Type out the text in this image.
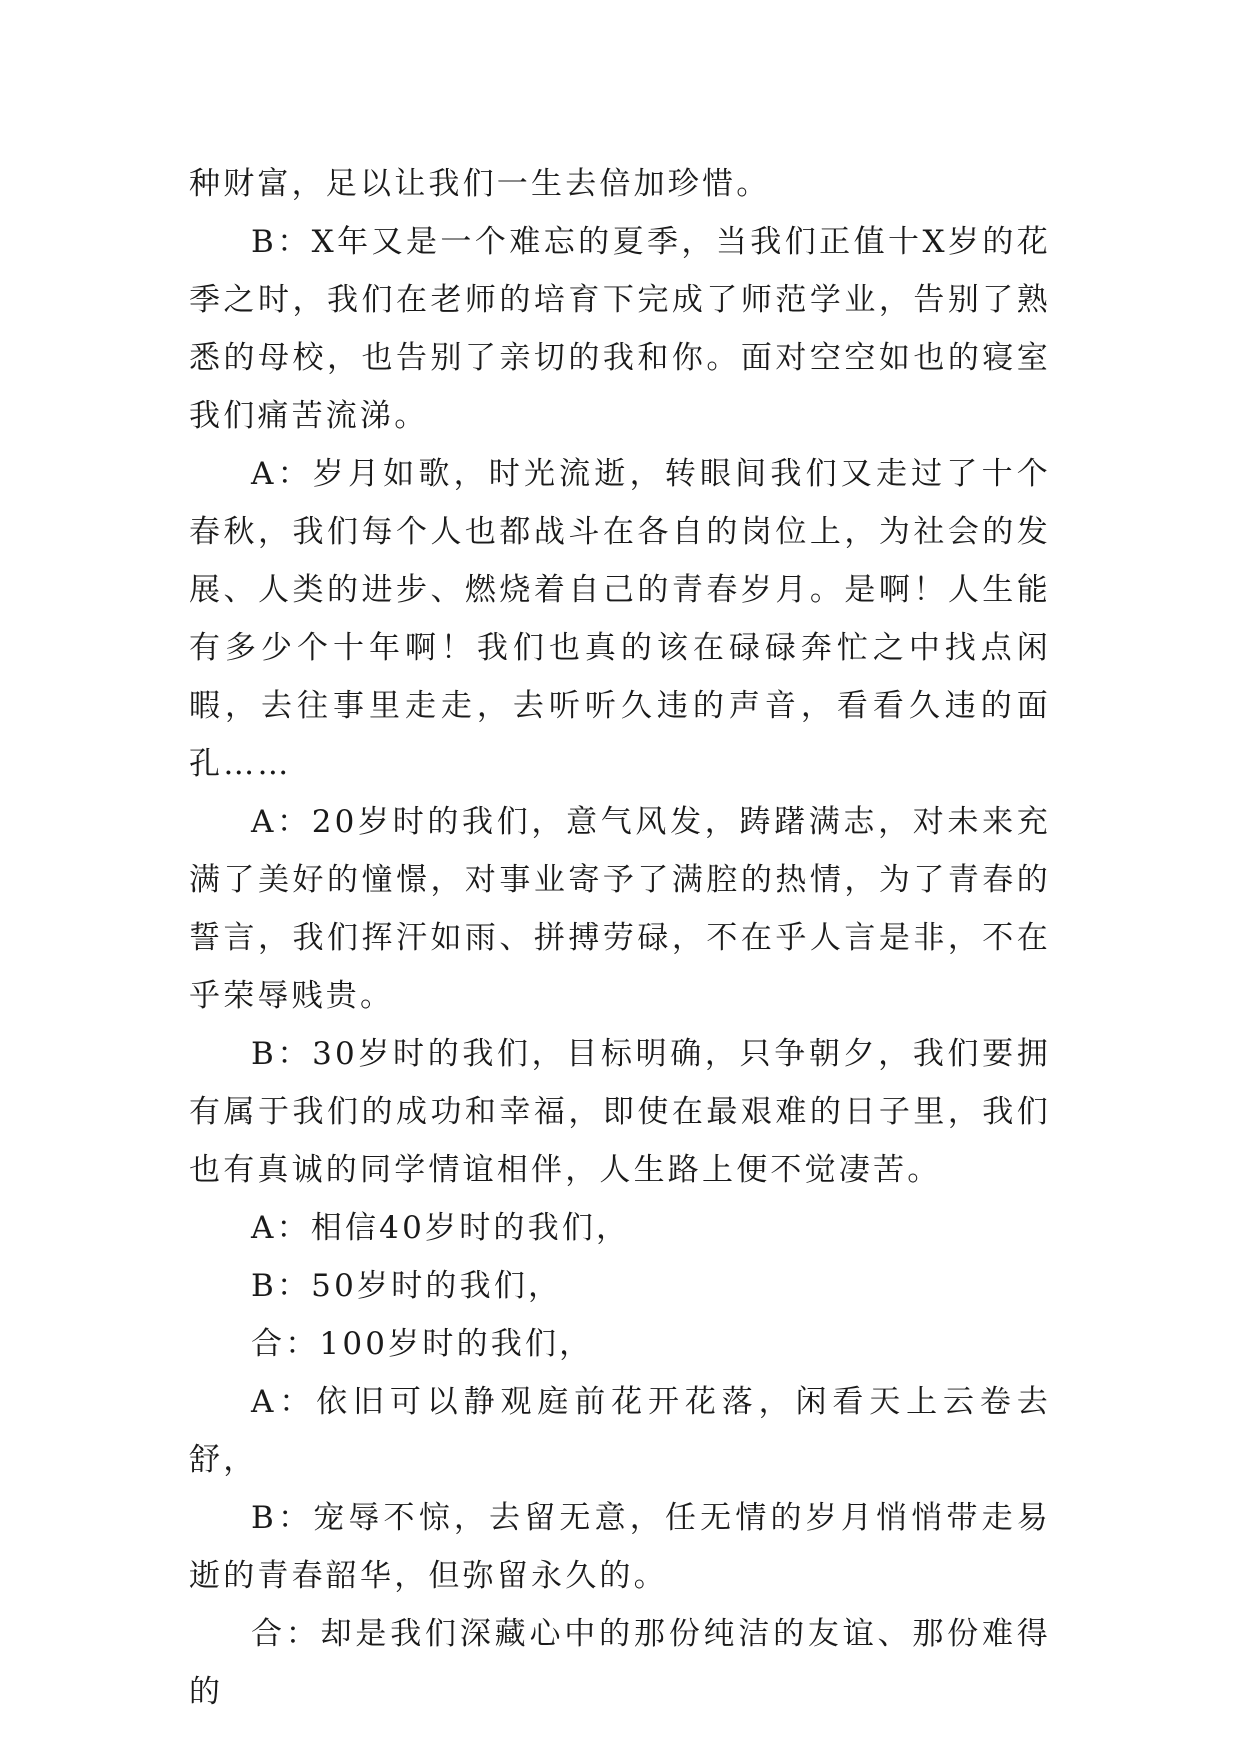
种财富，足以让我们一生去倍加珍惜。

B：X年又是一个难忘的夏季，当我们正值十X岁的花季之时，我们在老师的培育下完成了师范学业，告别了熟悉的母校，也告别了亲切的我和你。面对空空如也的寝室我们痛苦流涕。

A：岁月如歌，时光流逝，转眼间我们又走过了十个春秋，我们每个人也都战斗在各自的岗位上，为社会的发展、人类的进步、燃烧着自己的青春岁月。是啊！人生能有多少个十年啊！我们也真的该在碌碌奔忙之中找点闲暇，去往事里走走，去听听久违的声音，看看久违的面孔……

A：20岁时的我们，意气风发，踌躇满志，对未来充满了美好的憧憬，对事业寄予了满腔的热情，为了青春的誓言，我们挥汗如雨、拼搏劳碌，不在乎人言是非，不在乎荣辱贱贵。

B：30岁时的我们，目标明确，只争朝夕，我们要拥有属于我们的成功和幸福，即使在最艰难的日子里，我们也有真诚的同学情谊相伴，人生路上便不觉凄苦。

A：相信40岁时的我们，

B：50岁时的我们，

合：100岁时的我们，

A：依旧可以静观庭前花开花落，闲看天上云卷去舒，

B：宠辱不惊，去留无意，任无情的岁月悄悄带走易逝的青春韶华，但弥留永久的。

合：却是我们深藏心中的那份纯洁的友谊、那份难得的
